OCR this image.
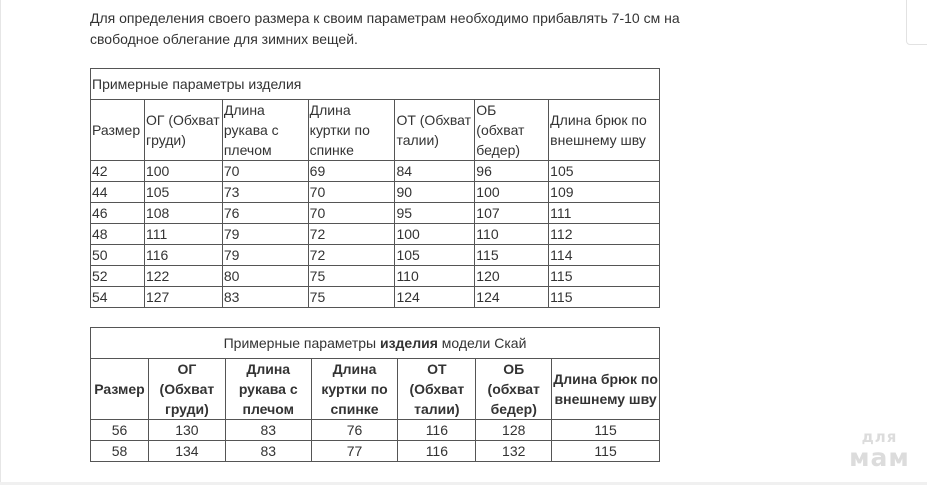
Для определения своего размера к своим параметрам необходимо прибавлять 7-10 см на свободное облегание для зимних вещей.

Примерные параметры изделия						
Размер	ОГ (Обхват груди)	Длина рукава с плечом	Длина куртки по спинке	ОТ (Обхват талии)	ОБ (обхват бедер)	Длина брюк по внешнему шву
42	100	70	69	84	96	105
44	105	73	70	90	100	109
46	108	76	70	95	107	111
48	111	79	72	100	110	112
50	116	79	72	105	115	114
52	122	80	75	110	120	115
54	127	83	75	124	124	115
Примерные параметры изделия модели Скай						
Размер	ОГ (Обхват груди)	Длина рукава с плечом	Длина куртки по спинке	ОТ (Обхват талии)	ОБ (обхват бедер)	Длина брюк по внешнему шву
56	130	83	76	116	128	115
58	134	83	77	116	132	115
для
мам
